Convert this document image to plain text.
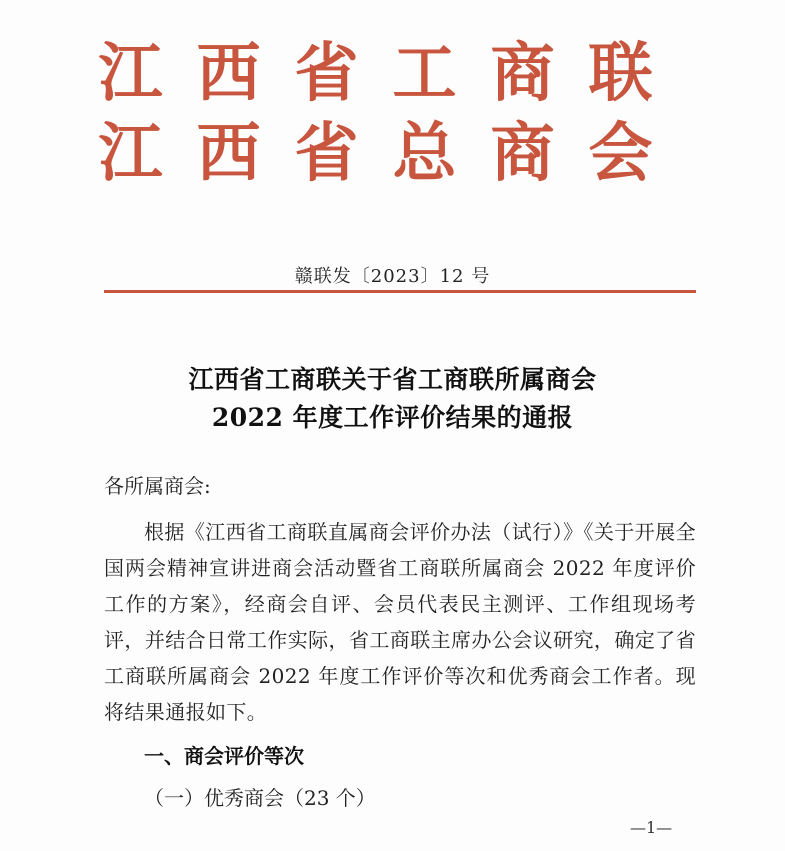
江西省工商联
江西省总商会
赣联发〔2023〕12 号
江西省工商联关于省工商联所属商会
2022 年度工作评价结果的通报
各所属商会:
根据《江西省工商联直属商会评价办法（试行）》《关于开展全国两会精神宣讲进商会活动暨省工商联所属商会 2022 年度评价工作的方案》，经商会自评、会员代表民主测评、工作组现场考评，并结合日常工作实际，省工商联主席办公会议研究，确定了省工商联所属商会 2022 年度工作评价等次和优秀商会工作者。现将结果通报如下。
一、商会评价等次
（一）优秀商会（23 个）
—1—
